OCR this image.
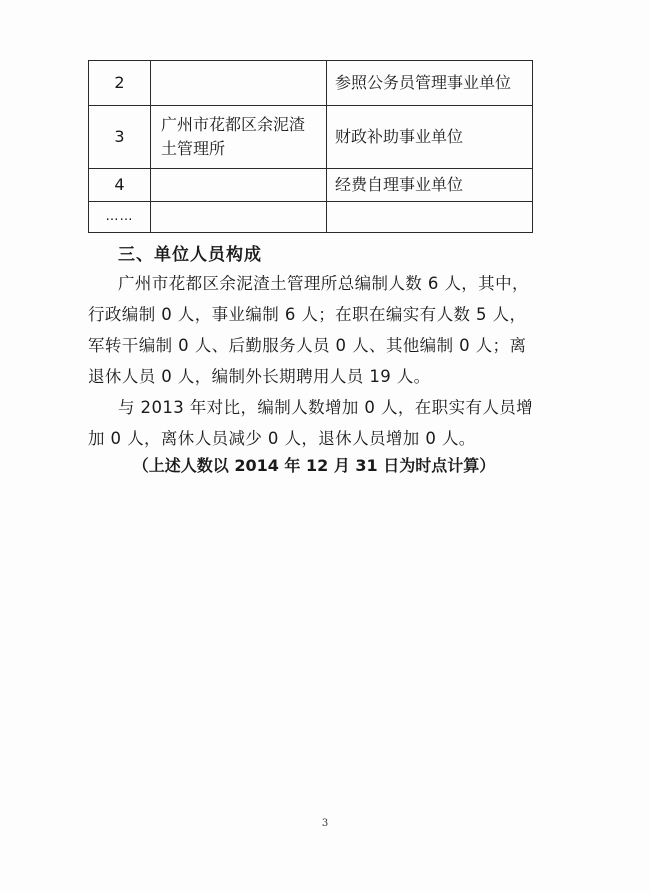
2		参照公务员管理事业单位
3	广州市花都区余泥渣土管理所	财政补助事业单位
4		经费自理事业单位
……		
三、单位人员构成

广州市花都区余泥渣土管理所总编制人数 6 人，其中，行政编制 0 人，事业编制 6 人；在职在编实有人数 5 人，军转干编制 0 人、后勤服务人员 0 人、其他编制 0 人；离退休人员 0 人，编制外长期聘用人员 19 人。

与 2013 年对比，编制人数增加 0 人，在职实有人员增加 0 人，离休人员减少 0 人，退休人员增加 0 人。

（上述人数以 2014 年 12 月 31 日为时点计算）

3
